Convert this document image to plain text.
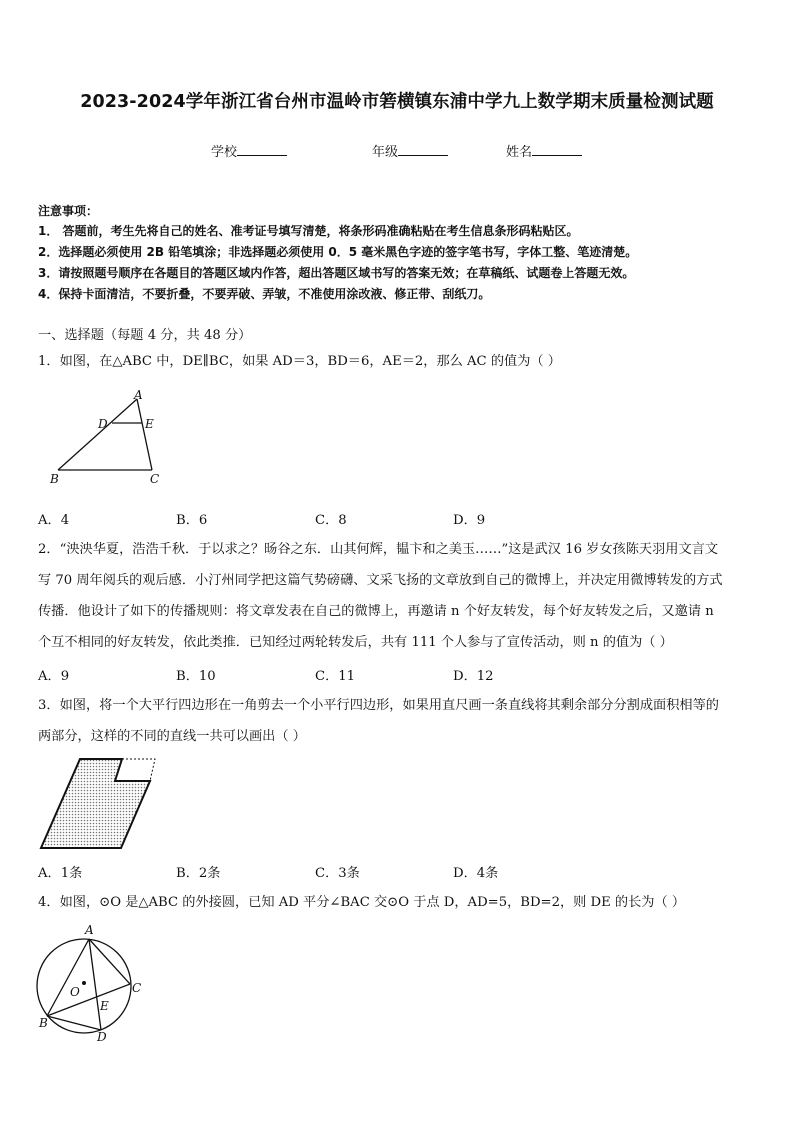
2023-2024学年浙江省台州市温岭市箬横镇东浦中学九上数学期末质量检测试题
学校	年级	姓名
注意事项：
1． 答题前，考生先将自己的姓名、准考证号填写清楚，将条形码准确粘贴在考生信息条形码粘贴区。
2．选择题必须使用 2B 铅笔填涂；非选择题必须使用 0．5 毫米黑色字迹的签字笔书写，字体工整、笔迹清楚。
3．请按照题号顺序在各题目的答题区域内作答，超出答题区域书写的答案无效；在草稿纸、试题卷上答题无效。
4．保持卡面清洁，不要折叠，不要弄破、弄皱，不准使用涂改液、修正带、刮纸刀。
一、选择题（每题 4 分，共 48 分）
1．如图，在△ABC 中，DE∥BC，如果 AD＝3，BD＝6，AE＝2，那么 AC 的值为（ ）
A
D	E
B	C
A．4	B．6	C．8	D．9
2．“泱泱华夏，浩浩千秋．于以求之？旸谷之东．山其何辉，韫卞和之美玉……”这是武汉 16 岁女孩陈天羽用文言文
写 70 周年阅兵的观后感．小汀州同学把这篇气势磅礴、文采飞扬的文章放到自己的微博上，并决定用微博转发的方式
传播．他设计了如下的传播规则：将文章发表在自己的微博上，再邀请 n 个好友转发，每个好友转发之后，又邀请 n
个互不相同的好友转发，依此类推．已知经过两轮转发后，共有 111 个人参与了宣传活动，则 n 的值为（ ）
A．9	B．10	C．11	D．12
3．如图，将一个大平行四边形在一角剪去一个小平行四边形，如果用直尺画一条直线将其剩余部分分割成面积相等的
两部分，这样的不同的直线一共可以画出（ ）
A．1条	B．2条	C．3条	D．4条
4．如图，⊙O 是△ABC 的外接圆，已知 AD 平分∠BAC 交⊙O 于点 D，AD=5，BD=2，则 DE 的长为（ ）
A
O	C
E
B
D
